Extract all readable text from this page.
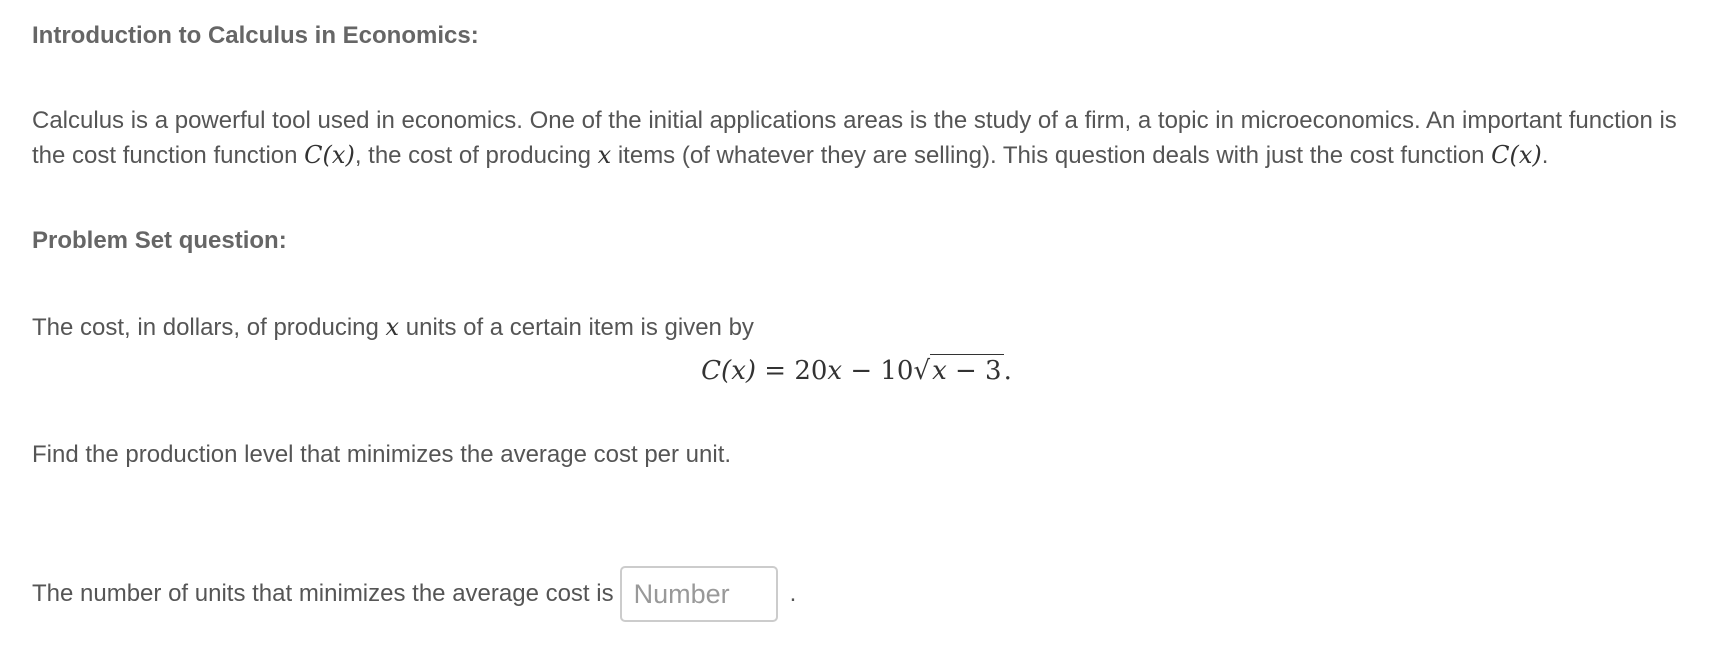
Introduction to Calculus in Economics:

Calculus is a powerful tool used in economics. One of the initial applications areas is the study of a firm, a topic in microeconomics. An important function is the cost function function C(x), the cost of producing x items (of whatever they are selling). This question deals with just the cost function C(x).

Problem Set question:

The cost, in dollars, of producing x units of a certain item is given by

C(x) = 20x − 10√x − 3.

Find the production level that minimizes the average cost per unit.

The number of units that minimizes the average cost is
Number	.
